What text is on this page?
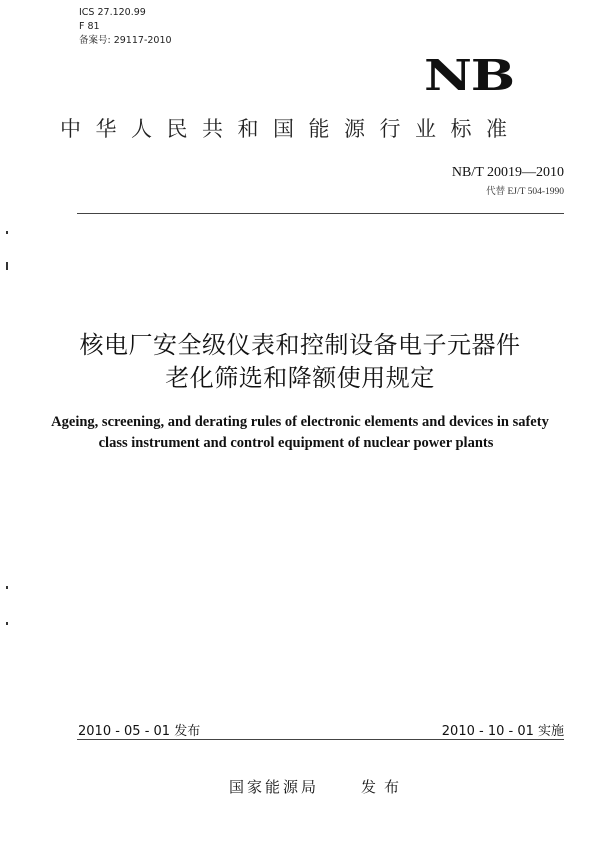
ICS 27.120.99
F 81
备案号: 29117-2010
NB
中华人民共和国能源行业标准
NB/T 20019—2010
代替 EJ/T 504-1990
核电厂安全级仪表和控制设备电子元器件
老化筛选和降额使用规定
Ageing, screening, and derating rules of electronic elements and devices in safety
class instrument and control equipment of nuclear power plants
2010 - 05 - 01 发布	2010 - 10 - 01 实施
国家能源局	发布
